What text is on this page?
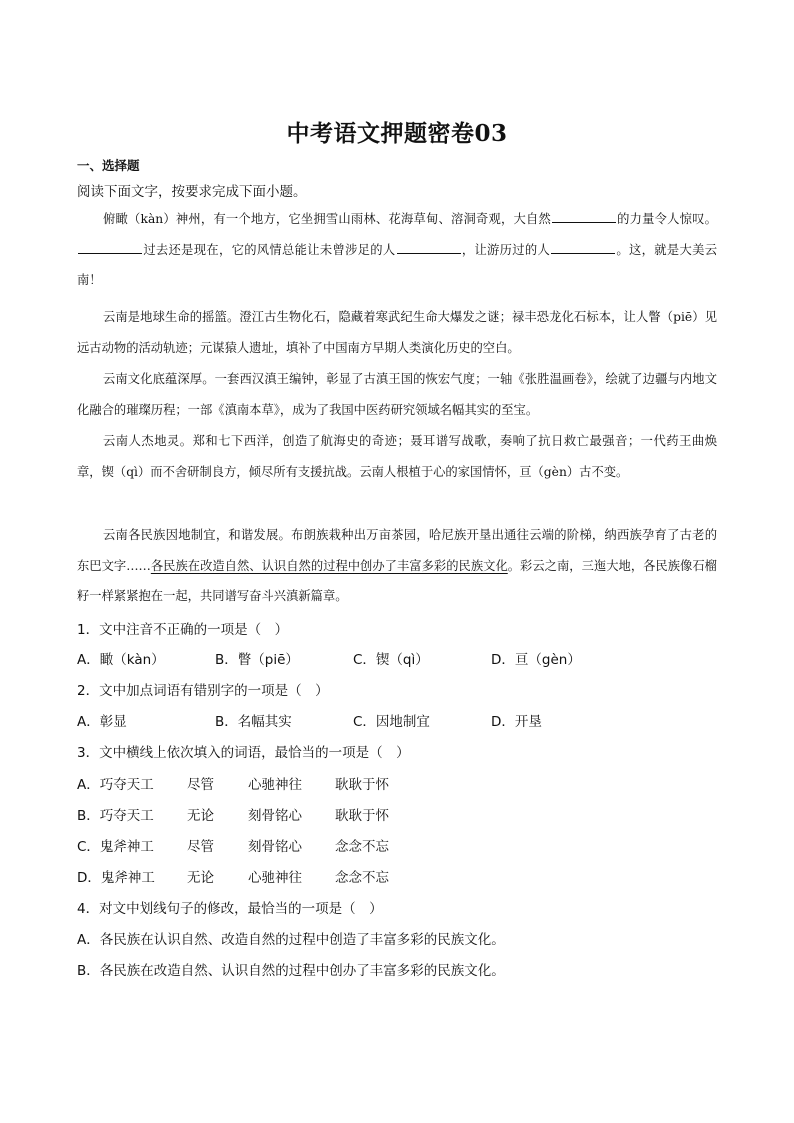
中考语文押题密卷03
一、选择题
阅读下面文字，按要求完成下面小题。

俯瞰（kàn）神州，有一个地方，它坐拥雪山雨林、花海草甸、溶洞奇观，大自然	的力量令人惊叹。过去还是现在，它的风情总能让未曾涉足的人	，让游历过的人	。这，就是大美云南！

云南是地球生命的摇篮。澄江古生物化石，隐藏着寒武纪生命大爆发之谜；禄丰恐龙化石标本，让人瞥（piē）见远古动物的活动轨迹；元谋猿人遗址，填补了中国南方早期人类演化历史的空白。

云南文化底蕴深厚。一套西汉滇王编钟，彰显了古滇王国的恢宏气度；一轴《张胜温画卷》，绘就了边疆与内地文化融合的璀璨历程；一部《滇南本草》，成为了我国中医药研究领域名幅其实的至宝。

云南人杰地灵。郑和七下西洋，创造了航海史的奇迹；聂耳谱写战歌，奏响了抗日救亡最强音；一代药王曲焕章，锲（qì）而不舍研制良方，倾尽所有支援抗战。云南人根植于心的家国情怀，亘（gèn）古不变。

云南各民族因地制宜，和谐发展。布朗族栽种出万亩茶园，哈尼族开垦出通往云端的阶梯，纳西族孕育了古老的东巴文字……各民族在改造自然、认识自然的过程中创办了丰富多彩的民族文化。彩云之南，三迤大地，各民族像石榴籽一样紧紧抱在一起，共同谱写奋斗兴滇新篇章。

1．文中注音不正确的一项是（　）
A．瞰（kàn）	B．瞥（piē）	C．锲（qì）	D．亘（gèn）
2．文中加点词语有错别字的一项是（　）
A．彰显	B．名幅其实	C．因地制宜	D．开垦
3．文中横线上依次填入的词语，最恰当的一项是（　）
A．巧夺天工 尽管	心驰神往 耿耿于怀
B．巧夺天工 无论	刻骨铭心 耿耿于怀
C．鬼斧神工 尽管	刻骨铭心 念念不忘
D．鬼斧神工 无论	心驰神往 念念不忘
4．对文中划线句子的修改，最恰当的一项是（　）
A．各民族在认识自然、改造自然的过程中创造了丰富多彩的民族文化。
B．各民族在改造自然、认识自然的过程中创办了丰富多彩的民族文化。
